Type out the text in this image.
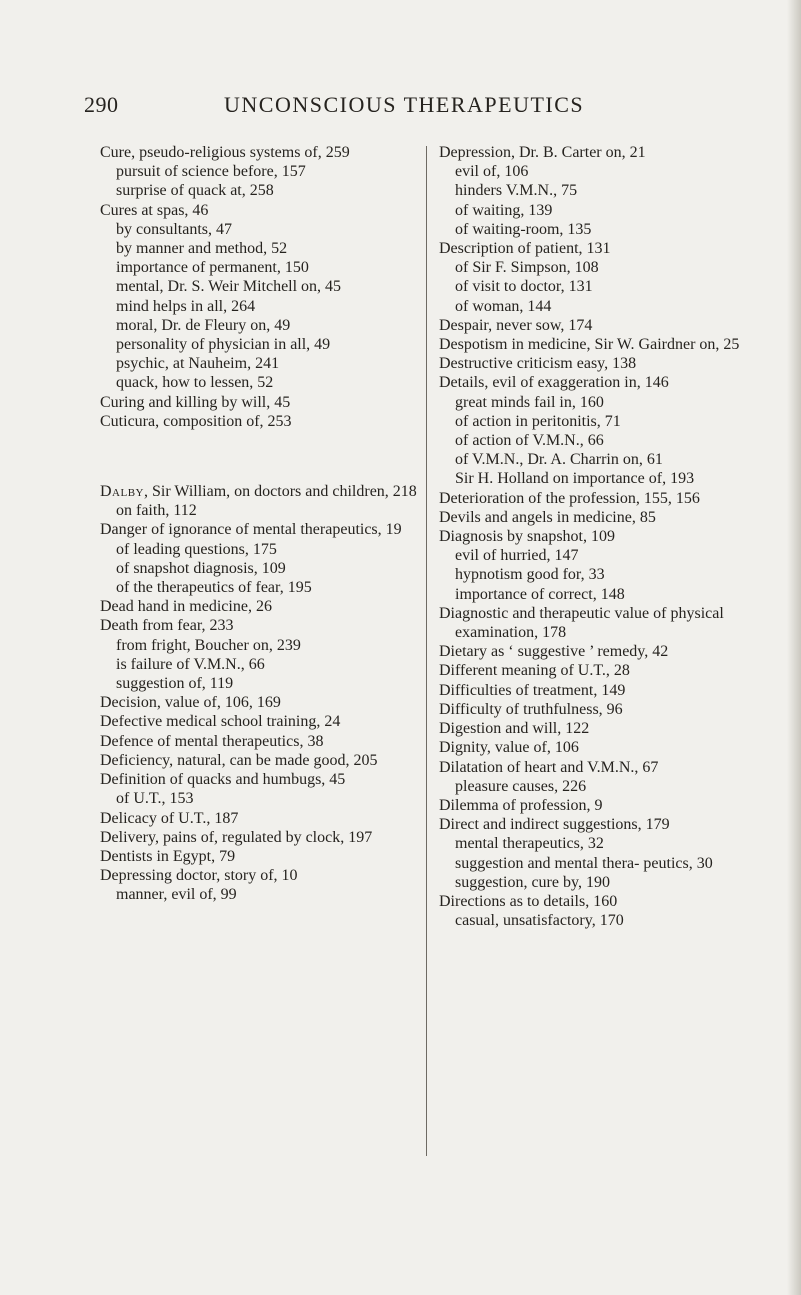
290	UNCONSCIOUS THERAPEUTICS

Cure, pseudo-religious systems of, 259

pursuit of science before, 157

surprise of quack at, 258

Cures at spas, 46

by consultants, 47

by manner and method, 52

importance of permanent, 150

mental, Dr. S. Weir Mitchell on, 45

mind helps in all, 264

moral, Dr. de Fleury on, 49

personality of physician in all, 49

psychic, at Nauheim, 241

quack, how to lessen, 52

Curing and killing by will, 45

Cuticura, composition of, 253

Dalby, Sir William, on doctors and children, 218

on faith, 112

Danger of ignorance of mental therapeutics, 19

of leading questions, 175

of snapshot diagnosis, 109

of the therapeutics of fear, 195

Dead hand in medicine, 26

Death from fear, 233

from fright, Boucher on, 239

is failure of V.M.N., 66

suggestion of, 119

Decision, value of, 106, 169

Defective medical school training, 24

Defence of mental therapeutics, 38

Deficiency, natural, can be made good, 205

Definition of quacks and humbugs, 45

of U.T., 153

Delicacy of U.T., 187

Delivery, pains of, regulated by clock, 197

Dentists in Egypt, 79

Depressing doctor, story of, 10

manner, evil of, 99

Depression, Dr. B. Carter on, 21

evil of, 106

hinders V.M.N., 75

of waiting, 139

of waiting-room, 135

Description of patient, 131

of Sir F. Simpson, 108

of visit to doctor, 131

of woman, 144

Despair, never sow, 174

Despotism in medicine, Sir W. Gairdner on, 25

Destructive criticism easy, 138

Details, evil of exaggeration in, 146

great minds fail in, 160

of action in peritonitis, 71

of action of V.M.N., 66

of V.M.N., Dr. A. Charrin on, 61

Sir H. Holland on importance of, 193

Deterioration of the profession, 155, 156

Devils and angels in medicine, 85

Diagnosis by snapshot, 109

evil of hurried, 147

hypnotism good for, 33

importance of correct, 148

Diagnostic and therapeutic value of physical examination, 178

Dietary as ‘ suggestive ’ remedy, 42

Different meaning of U.T., 28

Difficulties of treatment, 149

Difficulty of truthfulness, 96

Digestion and will, 122

Dignity, value of, 106

Dilatation of heart and V.M.N., 67

pleasure causes, 226

Dilemma of profession, 9

Direct and indirect suggestions, 179

mental therapeutics, 32

suggestion and mental thera- peutics, 30

suggestion, cure by, 190

Directions as to details, 160

casual, unsatisfactory, 170
